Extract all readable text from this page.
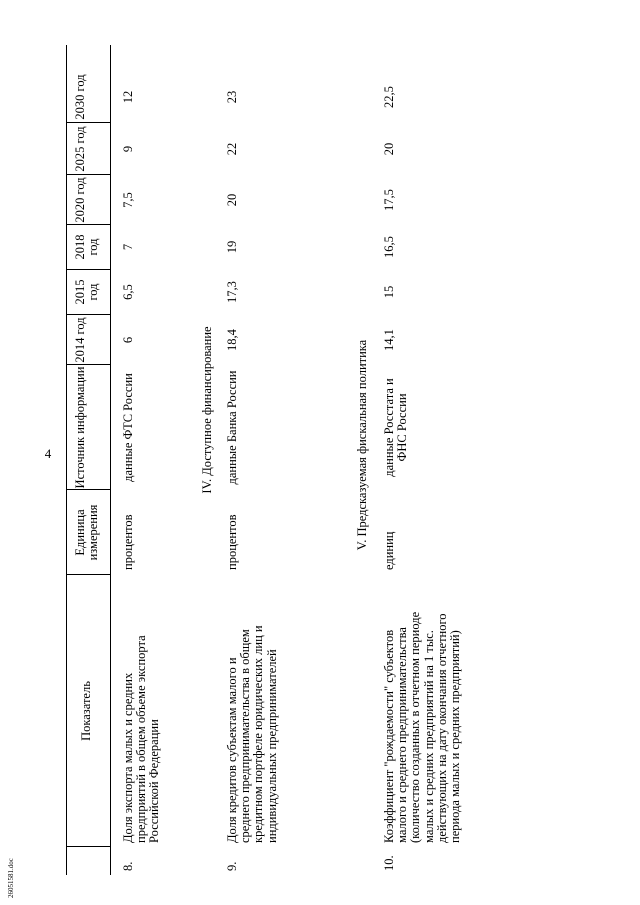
4
26051581.doc
Показатель
Единица измерения
Источник информации
2014 год
2015 год
2018 год
2020 год
2025 год
2030 год
8.
Доля экспорта малых и средних предприятий в общем объеме экспорта Российской Федерации
процентов
данные ФТС России
6
6,5
7
7,5
9
12
IV. Доступное финансирование
9.
Доля кредитов субъектам малого и среднего предпринимательства в общем кредитном портфеле юридических лиц и индивидуальных предпринимателей
процентов
данные Банка России
18,4
17,3
19
20
22
23
V. Предсказуемая фискальная политика
10.
Коэффициент "рождаемости" субъектов малого и среднего предпринимательства (количество созданных в отчетном периоде малых и средних предприятий на 1 тыс. действующих на дату окончания отчетного периода малых и средних предприятий)
единиц
данные Росстата и ФНС России
14,1
15
16,5
17,5
20
22,5
